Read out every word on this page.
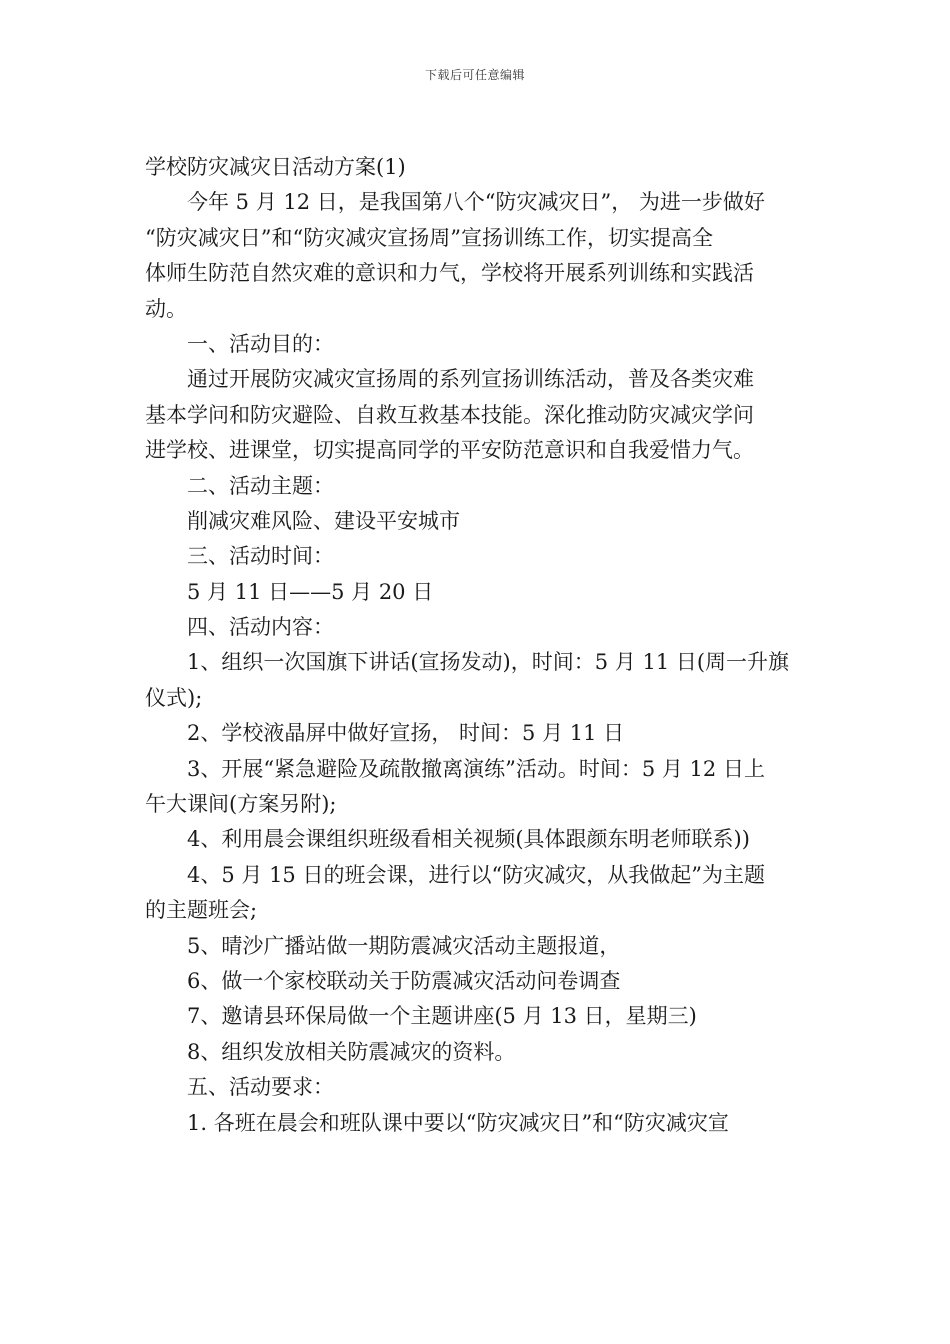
下载后可任意编辑
学校防灾减灾日活动方案(1)
今年 5 月 12 日，是我国第八个“防灾减灾日”， 为进一步做好
“防灾减灾日”和“防灾减灾宣扬周”宣扬训练工作，切实提高全
体师生防范自然灾难的意识和力气，学校将开展系列训练和实践活
动。
一、活动目的：
通过开展防灾减灾宣扬周的系列宣扬训练活动，普及各类灾难
基本学问和防灾避险、自救互救基本技能。深化推动防灾减灾学问
进学校、进课堂，切实提高同学的平安防范意识和自我爱惜力气。
二、活动主题：
削减灾难风险、建设平安城市
三、活动时间：
5 月 11 日——5 月 20 日
四、活动内容：
1、组织一次国旗下讲话(宣扬发动)，时间：5 月 11 日(周一升旗
仪式);
2、学校液晶屏中做好宣扬， 时间：5 月 11 日
3、开展“紧急避险及疏散撤离演练”活动。时间：5 月 12 日上
午大课间(方案另附);
4、利用晨会课组织班级看相关视频(具体跟颜东明老师联系))
4、5 月 15 日的班会课，进行以“防灾减灾，从我做起”为主题
的主题班会;
5、晴沙广播站做一期防震减灾活动主题报道，
6、做一个家校联动关于防震减灾活动问卷调查
7、邀请县环保局做一个主题讲座(5 月 13 日，星期三)
8、组织发放相关防震减灾的资料。
五、活动要求：
1. 各班在晨会和班队课中要以“防灾减灾日”和“防灾减灾宣
